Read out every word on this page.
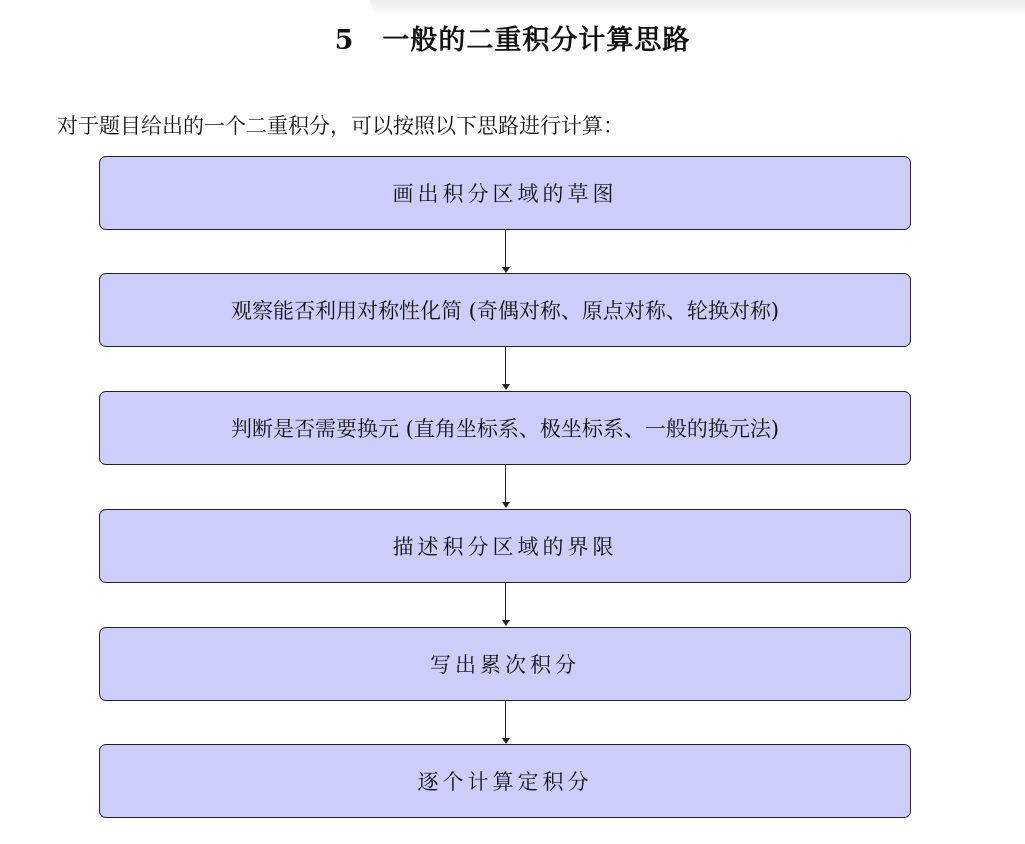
5 一般的二重积分计算思路
对于题目给出的一个二重积分，可以按照以下思路进行计算：
画出积分区域的草图
观察能否利用对称性化简 (奇偶对称、原点对称、轮换对称)
判断是否需要换元 (直角坐标系、极坐标系、一般的换元法)
描述积分区域的界限
写出累次积分
逐个计算定积分
